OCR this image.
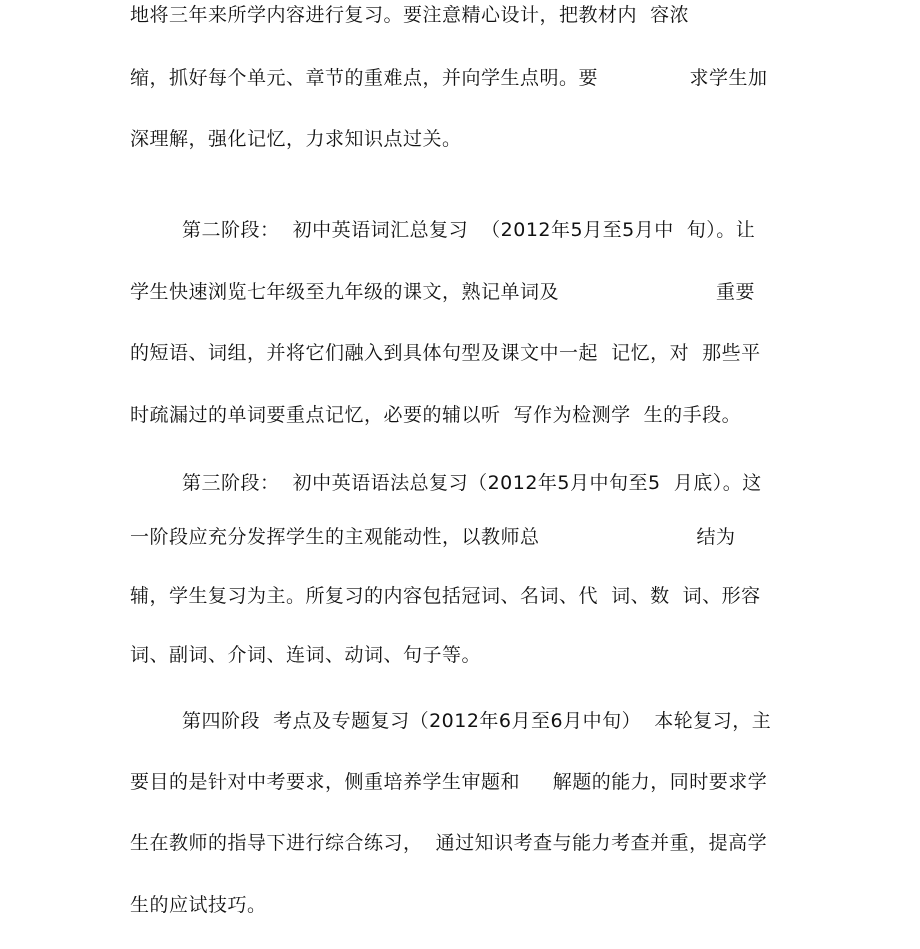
地将三年来所学内容进行复习。要注意精心设计，把教材内  容浓
缩，抓好每个单元、章节的重难点，并向学生点明。要              求学生加
深理解，强化记忆，力求知识点过关。
第二阶段：  初中英语词汇总复习  （2012年5月至5月中  旬）。让
学生快速浏览七年级至九年级的课文，熟记单词及                        重要
的短语、词组，并将它们融入到具体句型及课文中一起  记忆，对  那些平
时疏漏过的单词要重点记忆，必要的辅以听  写作为检测学  生的手段。
第三阶段：  初中英语语法总复习（2012年5月中旬至5  月底）。这
一阶段应充分发挥学生的主观能动性，以教师总                        结为
辅，学生复习为主。所复习的内容包括冠词、名词、代  词、数  词、形容
词、副词、介词、连词、动词、句子等。
第四阶段  考点及专题复习（2012年6月至6月中旬）  本轮复习，主
要目的是针对中考要求，侧重培养学生审题和     解题的能力，同时要求学
生在教师的指导下进行综合练习，  通过知识考查与能力考查并重，提高学
生的应试技巧。
